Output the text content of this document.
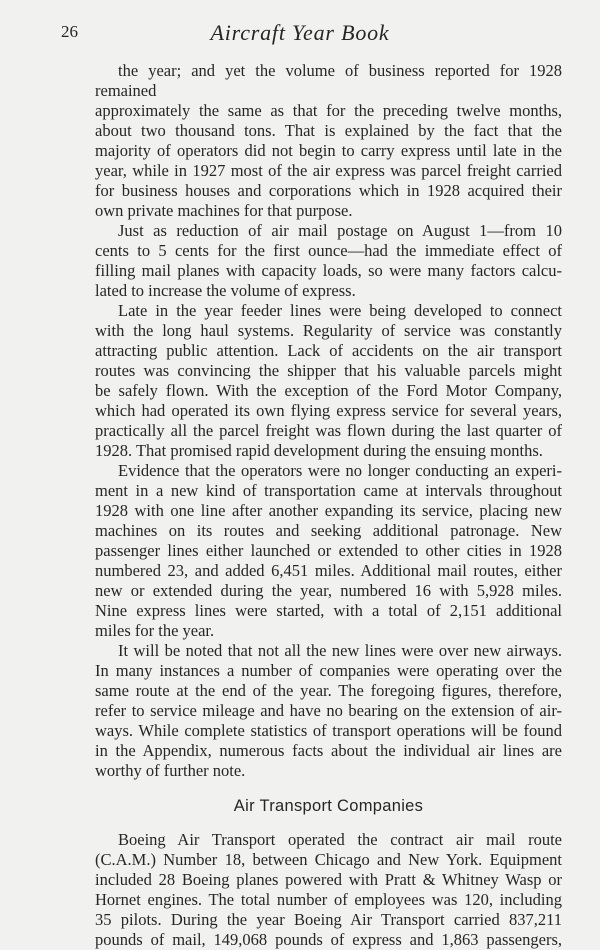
26	Aircraft Year Book

the year; and yet the volume of business reported for 1928 remained
approximately the same as that for the preceding twelve months,
about two thousand tons. That is explained by the fact that the
majority of operators did not begin to carry express until late in the
year, while in 1927 most of the air express was parcel freight carried
for business houses and corporations which in 1928 acquired their
own private machines for that purpose.

Just as reduction of air mail postage on August 1—from 10
cents to 5 cents for the first ounce—had the immediate effect of
filling mail planes with capacity loads, so were many factors calcu-
lated to increase the volume of express.

Late in the year feeder lines were being developed to connect
with the long haul systems. Regularity of service was constantly
attracting public attention. Lack of accidents on the air transport
routes was convincing the shipper that his valuable parcels might
be safely flown. With the exception of the Ford Motor Company,
which had operated its own flying express service for several years,
practically all the parcel freight was flown during the last quarter of
1928. That promised rapid development during the ensuing months.

Evidence that the operators were no longer conducting an experi-
ment in a new kind of transportation came at intervals throughout
1928 with one line after another expanding its service, placing new
machines on its routes and seeking additional patronage. New
passenger lines either launched or extended to other cities in 1928
numbered 23, and added 6,451 miles. Additional mail routes, either
new or extended during the year, numbered 16 with 5,928 miles.
Nine express lines were started, with a total of 2,151 additional
miles for the year.

It will be noted that not all the new lines were over new airways.
In many instances a number of companies were operating over the
same route at the end of the year. The foregoing figures, therefore,
refer to service mileage and have no bearing on the extension of air-
ways. While complete statistics of transport operations will be found
in the Appendix, numerous facts about the individual air lines are
worthy of further note.

Air Transport Companies

Boeing Air Transport operated the contract air mail route
(C.A.M.) Number 18, between Chicago and New York. Equipment
included 28 Boeing planes powered with Pratt & Whitney Wasp or
Hornet engines. The total number of employees was 120, including
35 pilots. During the year Boeing Air Transport carried 837,211
pounds of mail, 149,068 pounds of express and 1,863 passengers,
